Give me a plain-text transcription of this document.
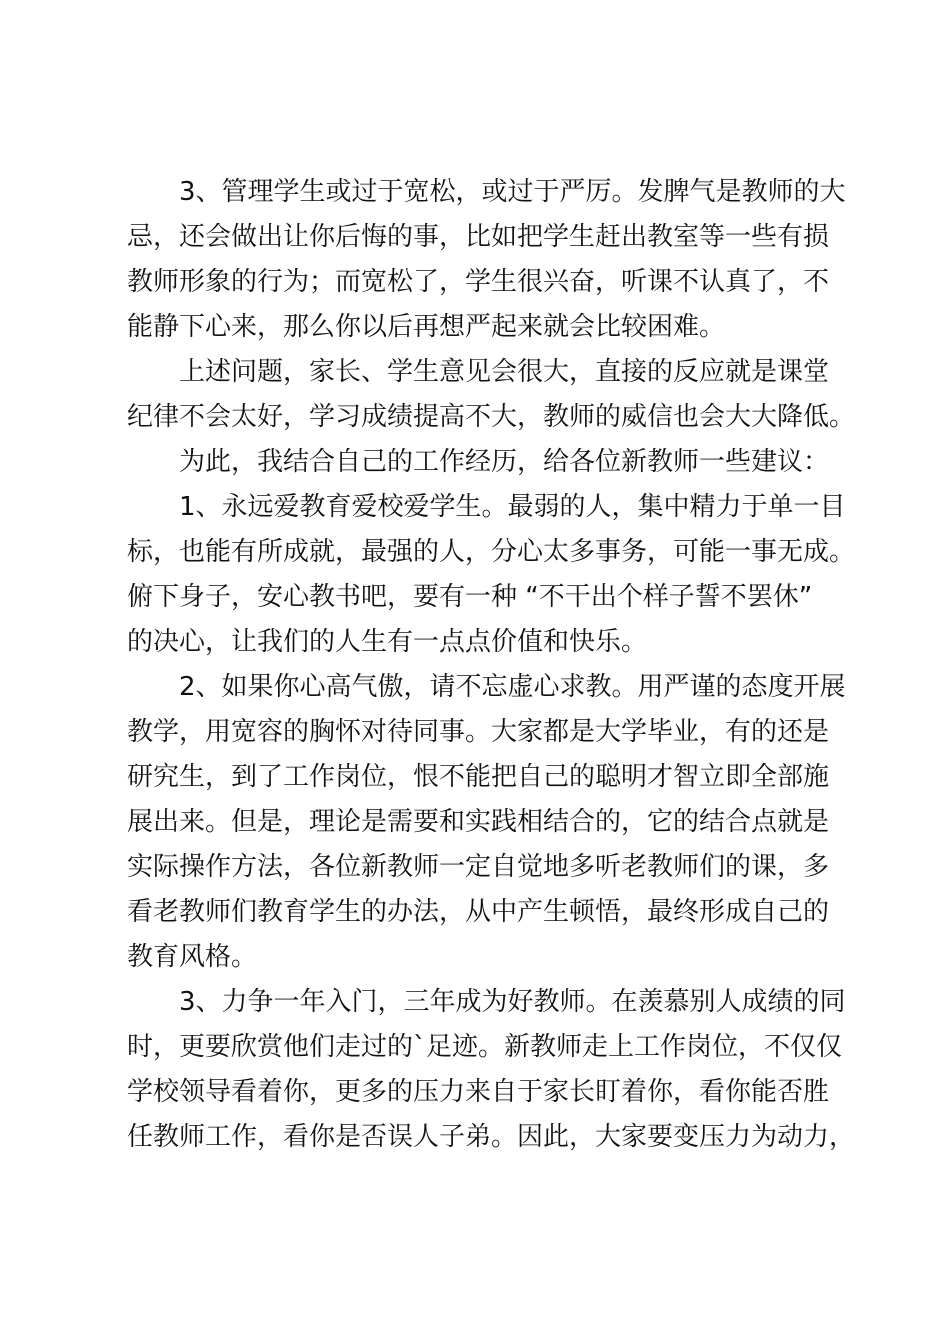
3、管理学生或过于宽松，或过于严厉。发脾气是教师的大
忌，还会做出让你后悔的事，比如把学生赶出教室等一些有损
教师形象的行为；而宽松了，学生很兴奋，听课不认真了，不
能静下心来，那么你以后再想严起来就会比较困难。
上述问题，家长、学生意见会很大，直接的反应就是课堂
纪律不会太好，学习成绩提高不大，教师的威信也会大大降低。
为此，我结合自己的工作经历，给各位新教师一些建议：
1、永远爱教育爱校爱学生。最弱的人，集中精力于单一目
标，也能有所成就，最强的人，分心太多事务，可能一事无成。
俯下身子，安心教书吧，要有一种 “不干出个样子誓不罢休”
的决心，让我们的人生有一点点价值和快乐。
2、如果你心高气傲，请不忘虚心求教。用严谨的态度开展
教学，用宽容的胸怀对待同事。大家都是大学毕业，有的还是
研究生，到了工作岗位，恨不能把自己的聪明才智立即全部施
展出来。但是，理论是需要和实践相结合的，它的结合点就是
实际操作方法，各位新教师一定自觉地多听老教师们的课，多
看老教师们教育学生的办法，从中产生顿悟，最终形成自己的
教育风格。
3、力争一年入门，三年成为好教师。在羡慕别人成绩的同
时，更要欣赏他们走过的`足迹。新教师走上工作岗位，不仅仅
学校领导看着你，更多的压力来自于家长盯着你，看你能否胜
任教师工作，看你是否误人子弟。因此，大家要变压力为动力，
